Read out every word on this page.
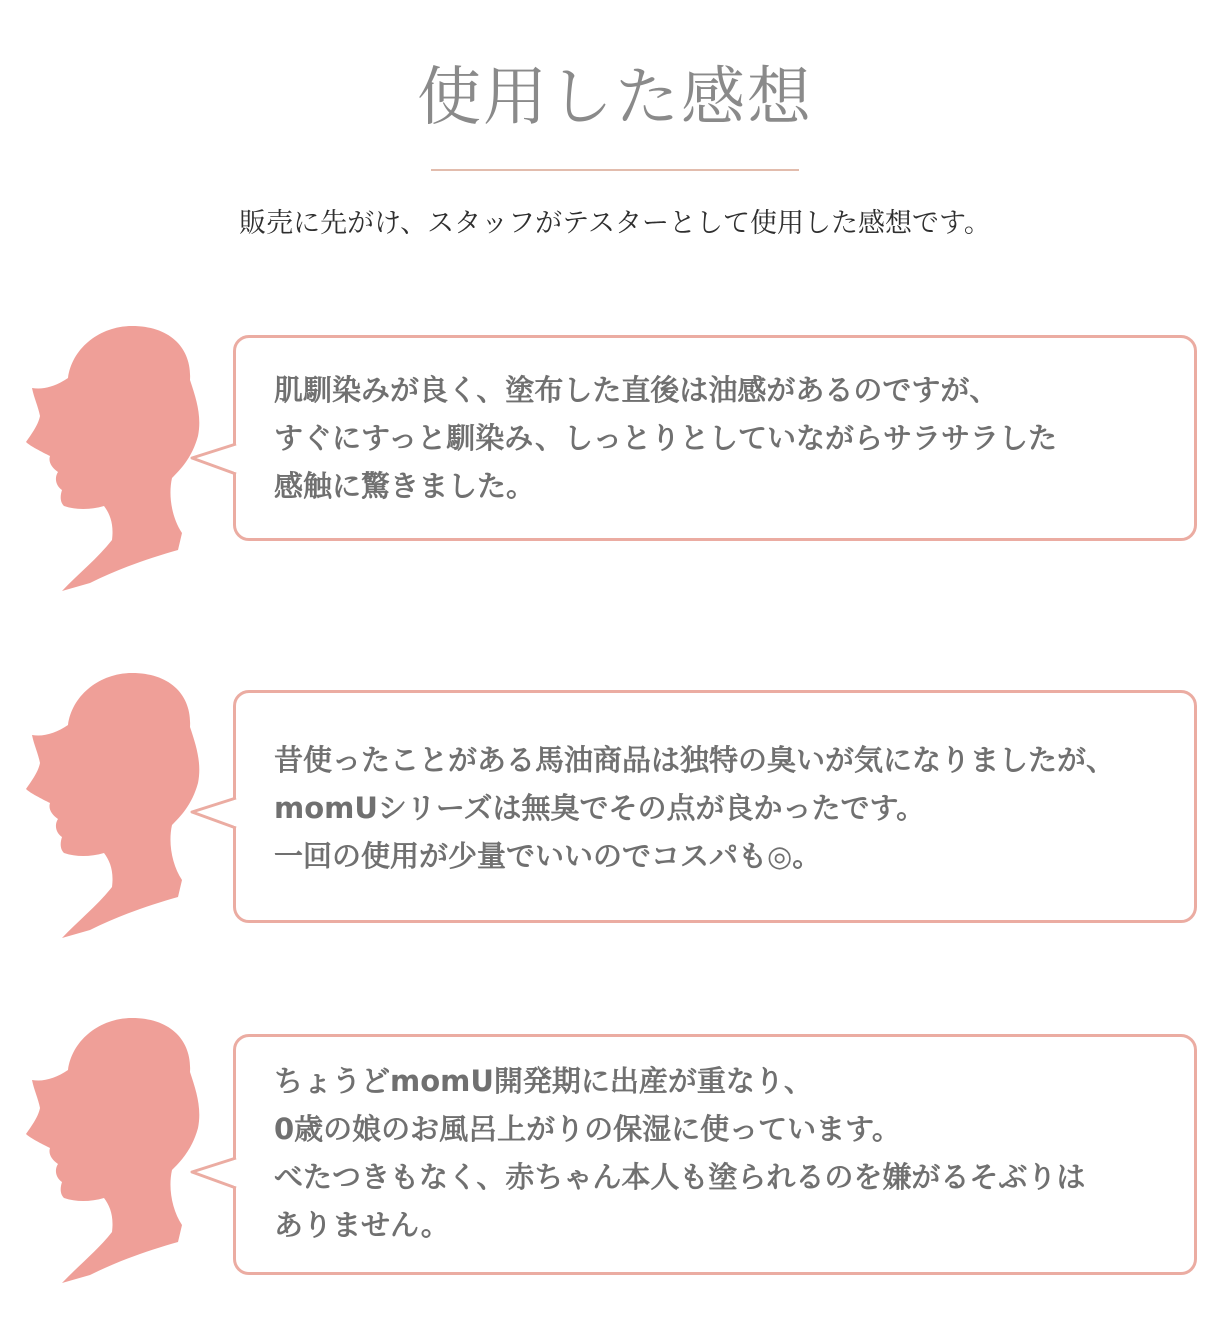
使用した感想
販売に先がけ、スタッフがテスターとして使用した感想です。
肌馴染みが良く、塗布した直後は油感があるのですが、
すぐにすっと馴染み、しっとりとしていながらサラサラした
感触に驚きました。
昔使ったことがある馬油商品は独特の臭いが気になりましたが、
momUシリーズは無臭でその点が良かったです。
一回の使用が少量でいいのでコスパも◎。
ちょうどmomU開発期に出産が重なり、
0歳の娘のお風呂上がりの保湿に使っています。
べたつきもなく、赤ちゃん本人も塗られるのを嫌がるそぶりは
ありません。
